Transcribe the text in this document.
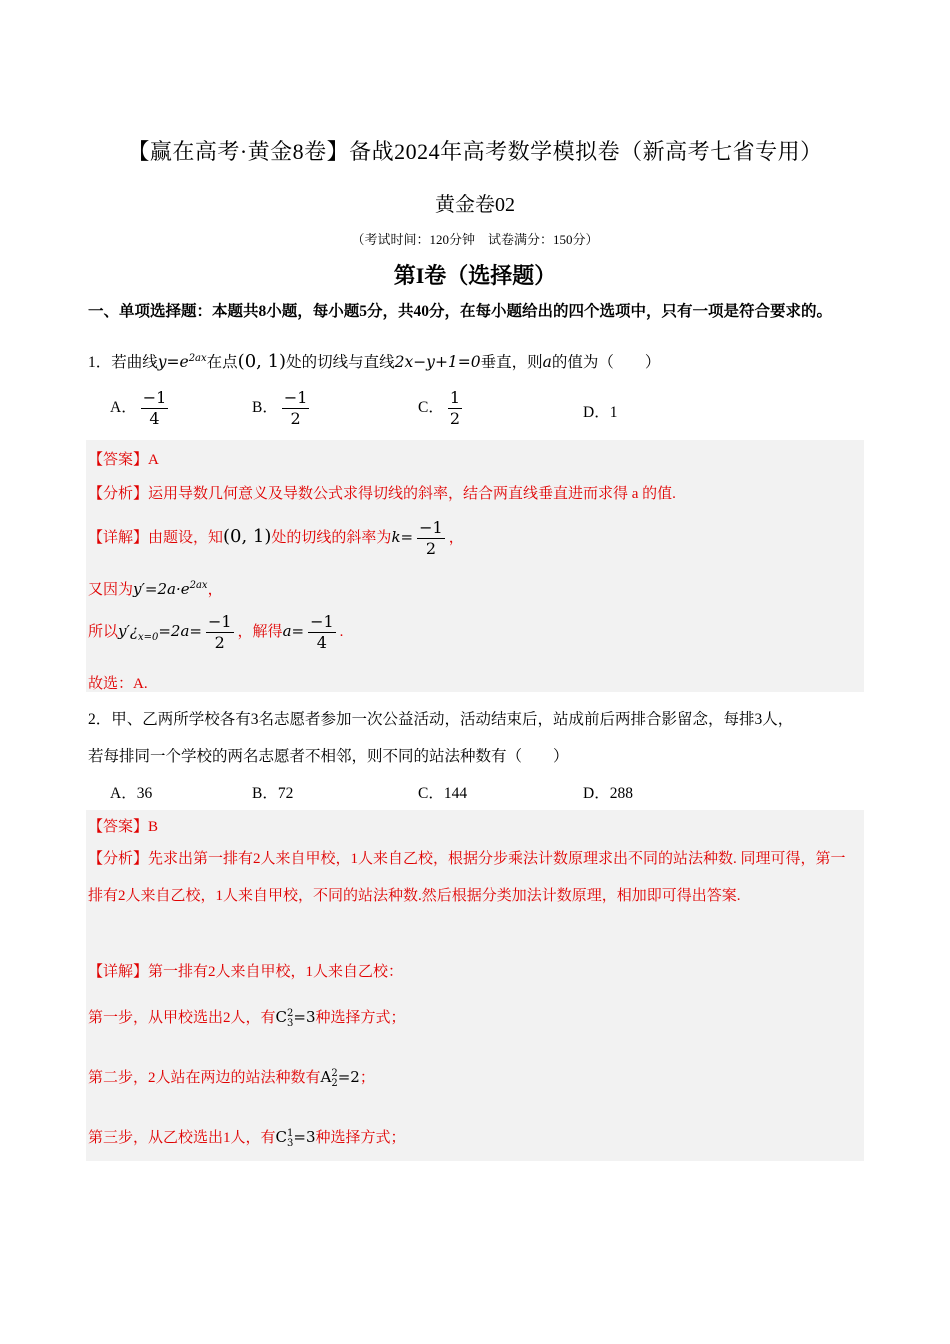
【赢在高考·黄金8卷】备战2024年高考数学模拟卷（新高考七省专用）
黄金卷02
（考试时间：120分钟　试卷满分：150分）
第I卷（选择题）
一、单项选择题：本题共8小题，每小题5分，共40分，在每小题给出的四个选项中，只有一项是符合要求的。
1．若曲线$y=e^{2ax}$在点(0, 1)处的切线与直线2x−y+1=0垂直，则a的值为（　　）
A． $\frac{-1}{4}$	B． $\frac{-1}{2}$	C． $\frac{1}{2}$	D．1
【答案】A
【分析】运用导数几何意义及导数公式求得切线的斜率，结合两直线垂直进而求得 a 的值.
【详解】由题设，知(0, 1)处的切线的斜率为$k= \frac{-1}{2}$ ，
又因为$y'=2a\cdot e^{2ax}$，
所以$y'¿_{x=0}=2a= \frac{-1}{2}$ ，解得$a= \frac{-1}{4}$ .
故选：A.
2．甲、乙两所学校各有3名志愿者参加一次公益活动，活动结束后，站成前后两排合影留念，每排3人，
若每排同一个学校的两名志愿者不相邻，则不同的站法种数有（　　）
A．36	B．72	C．144	D．288
【答案】B
【分析】先求出第一排有2人来自甲校，1人来自乙校，根据分步乘法计数原理求出不同的站法种数. 同理可得，第一排有2人来自乙校，1人来自甲校，不同的站法种数.然后根据分类加法计数原理，相加即可得出答案.
【详解】第一排有2人来自甲校，1人来自乙校：
第一步，从甲校选出2人，有C 2
3 =3种选择方式；
第二步，2人站在两边的站法种数有A 2
2 =2；
第三步，从乙校选出1人，有C 1
3 =3种选择方式；
